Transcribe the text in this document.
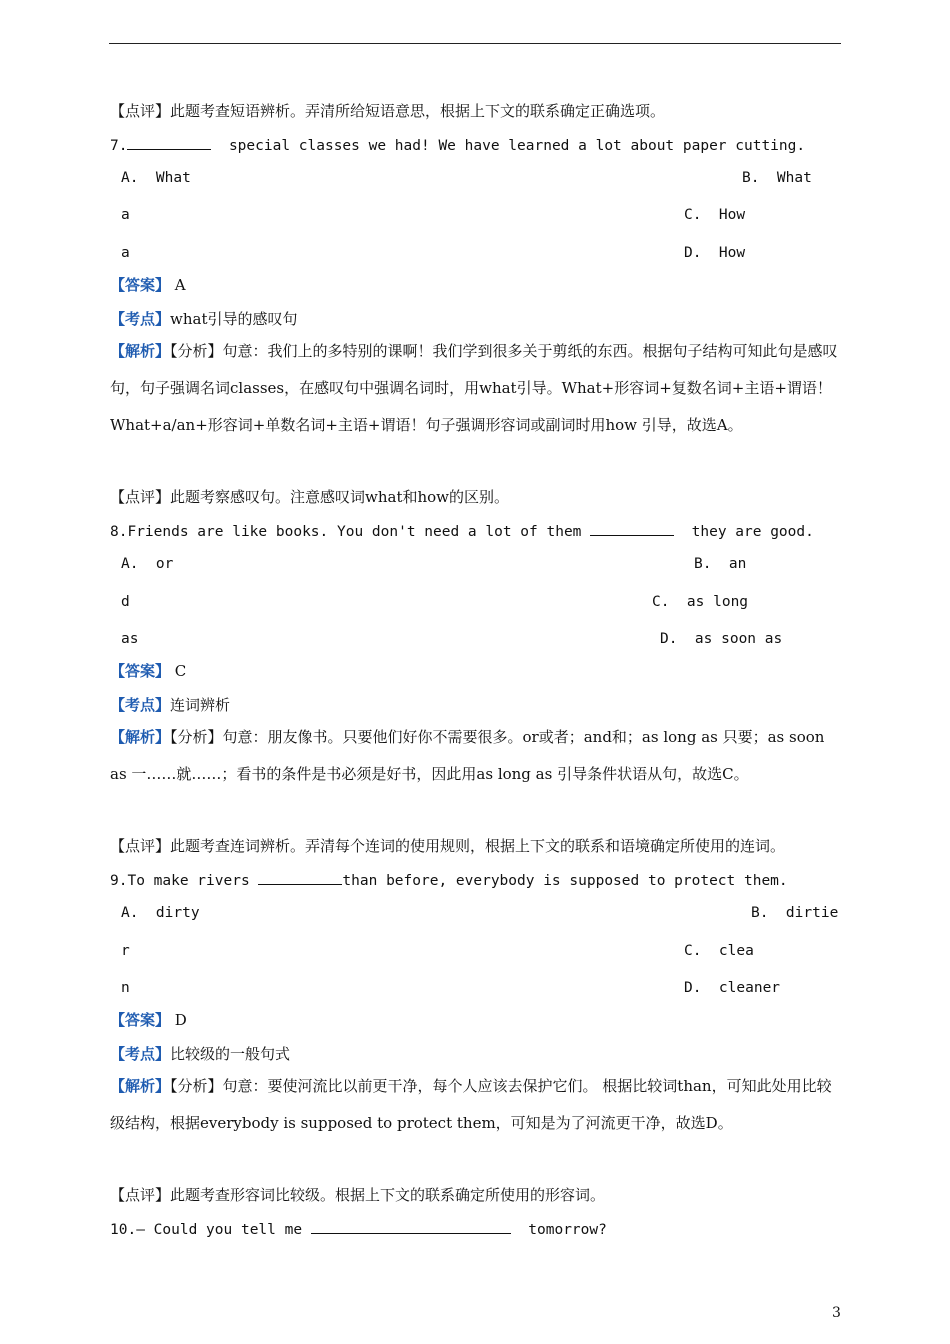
【点评】此题考查短语辨析。弄清所给短语意思，根据上下文的联系确定正确选项。
7.	special classes we had! We have learned a lot about paper cutting.
A.  What	B.  What
a	C.  How
a	D.  How
【答案】 A
【考点】what引导的感叹句
【解析】【分析】句意：我们上的多特别的课啊！我们学到很多关于剪纸的东西。根据句子结构可知此句是感叹句，句子强调名词classes，在感叹句中强调名词时，用what引导。What+形容词+复数名词+主语+谓语！What+a/an+形容词+单数名词+主语+谓语！句子强调形容词或副词时用how 引导，故选A。
【点评】此题考察感叹句。注意感叹词what和how的区别。
8.Friends are like books. You don't need a lot of them	they are good.
A.  or	B.  an
d	C.  as long
as	D.  as soon as
【答案】 C
【考点】连词辨析
【解析】【分析】句意：朋友像书。只要他们好你不需要很多。or或者；and和；as long as 只要；as soon as 一……就……；看书的条件是书必须是好书，因此用as long as 引导条件状语从句，故选C。
【点评】此题考查连词辨析。弄清每个连词的使用规则，根据上下文的联系和语境确定所使用的连词。
9.To make rivers	than before, everybody is supposed to protect them.
A.  dirty	B.  dirtie
r	C.  clea
n	D.  cleaner
【答案】 D
【考点】比较级的一般句式
【解析】【分析】句意：要使河流比以前更干净，每个人应该去保护它们。 根据比较词than，可知此处用比较级结构，根据everybody is supposed to protect them，可知是为了河流更干净，故选D。
【点评】此题考查形容词比较级。根据上下文的联系确定所使用的形容词。
10.— Could you tell me	tomorrow?
3
